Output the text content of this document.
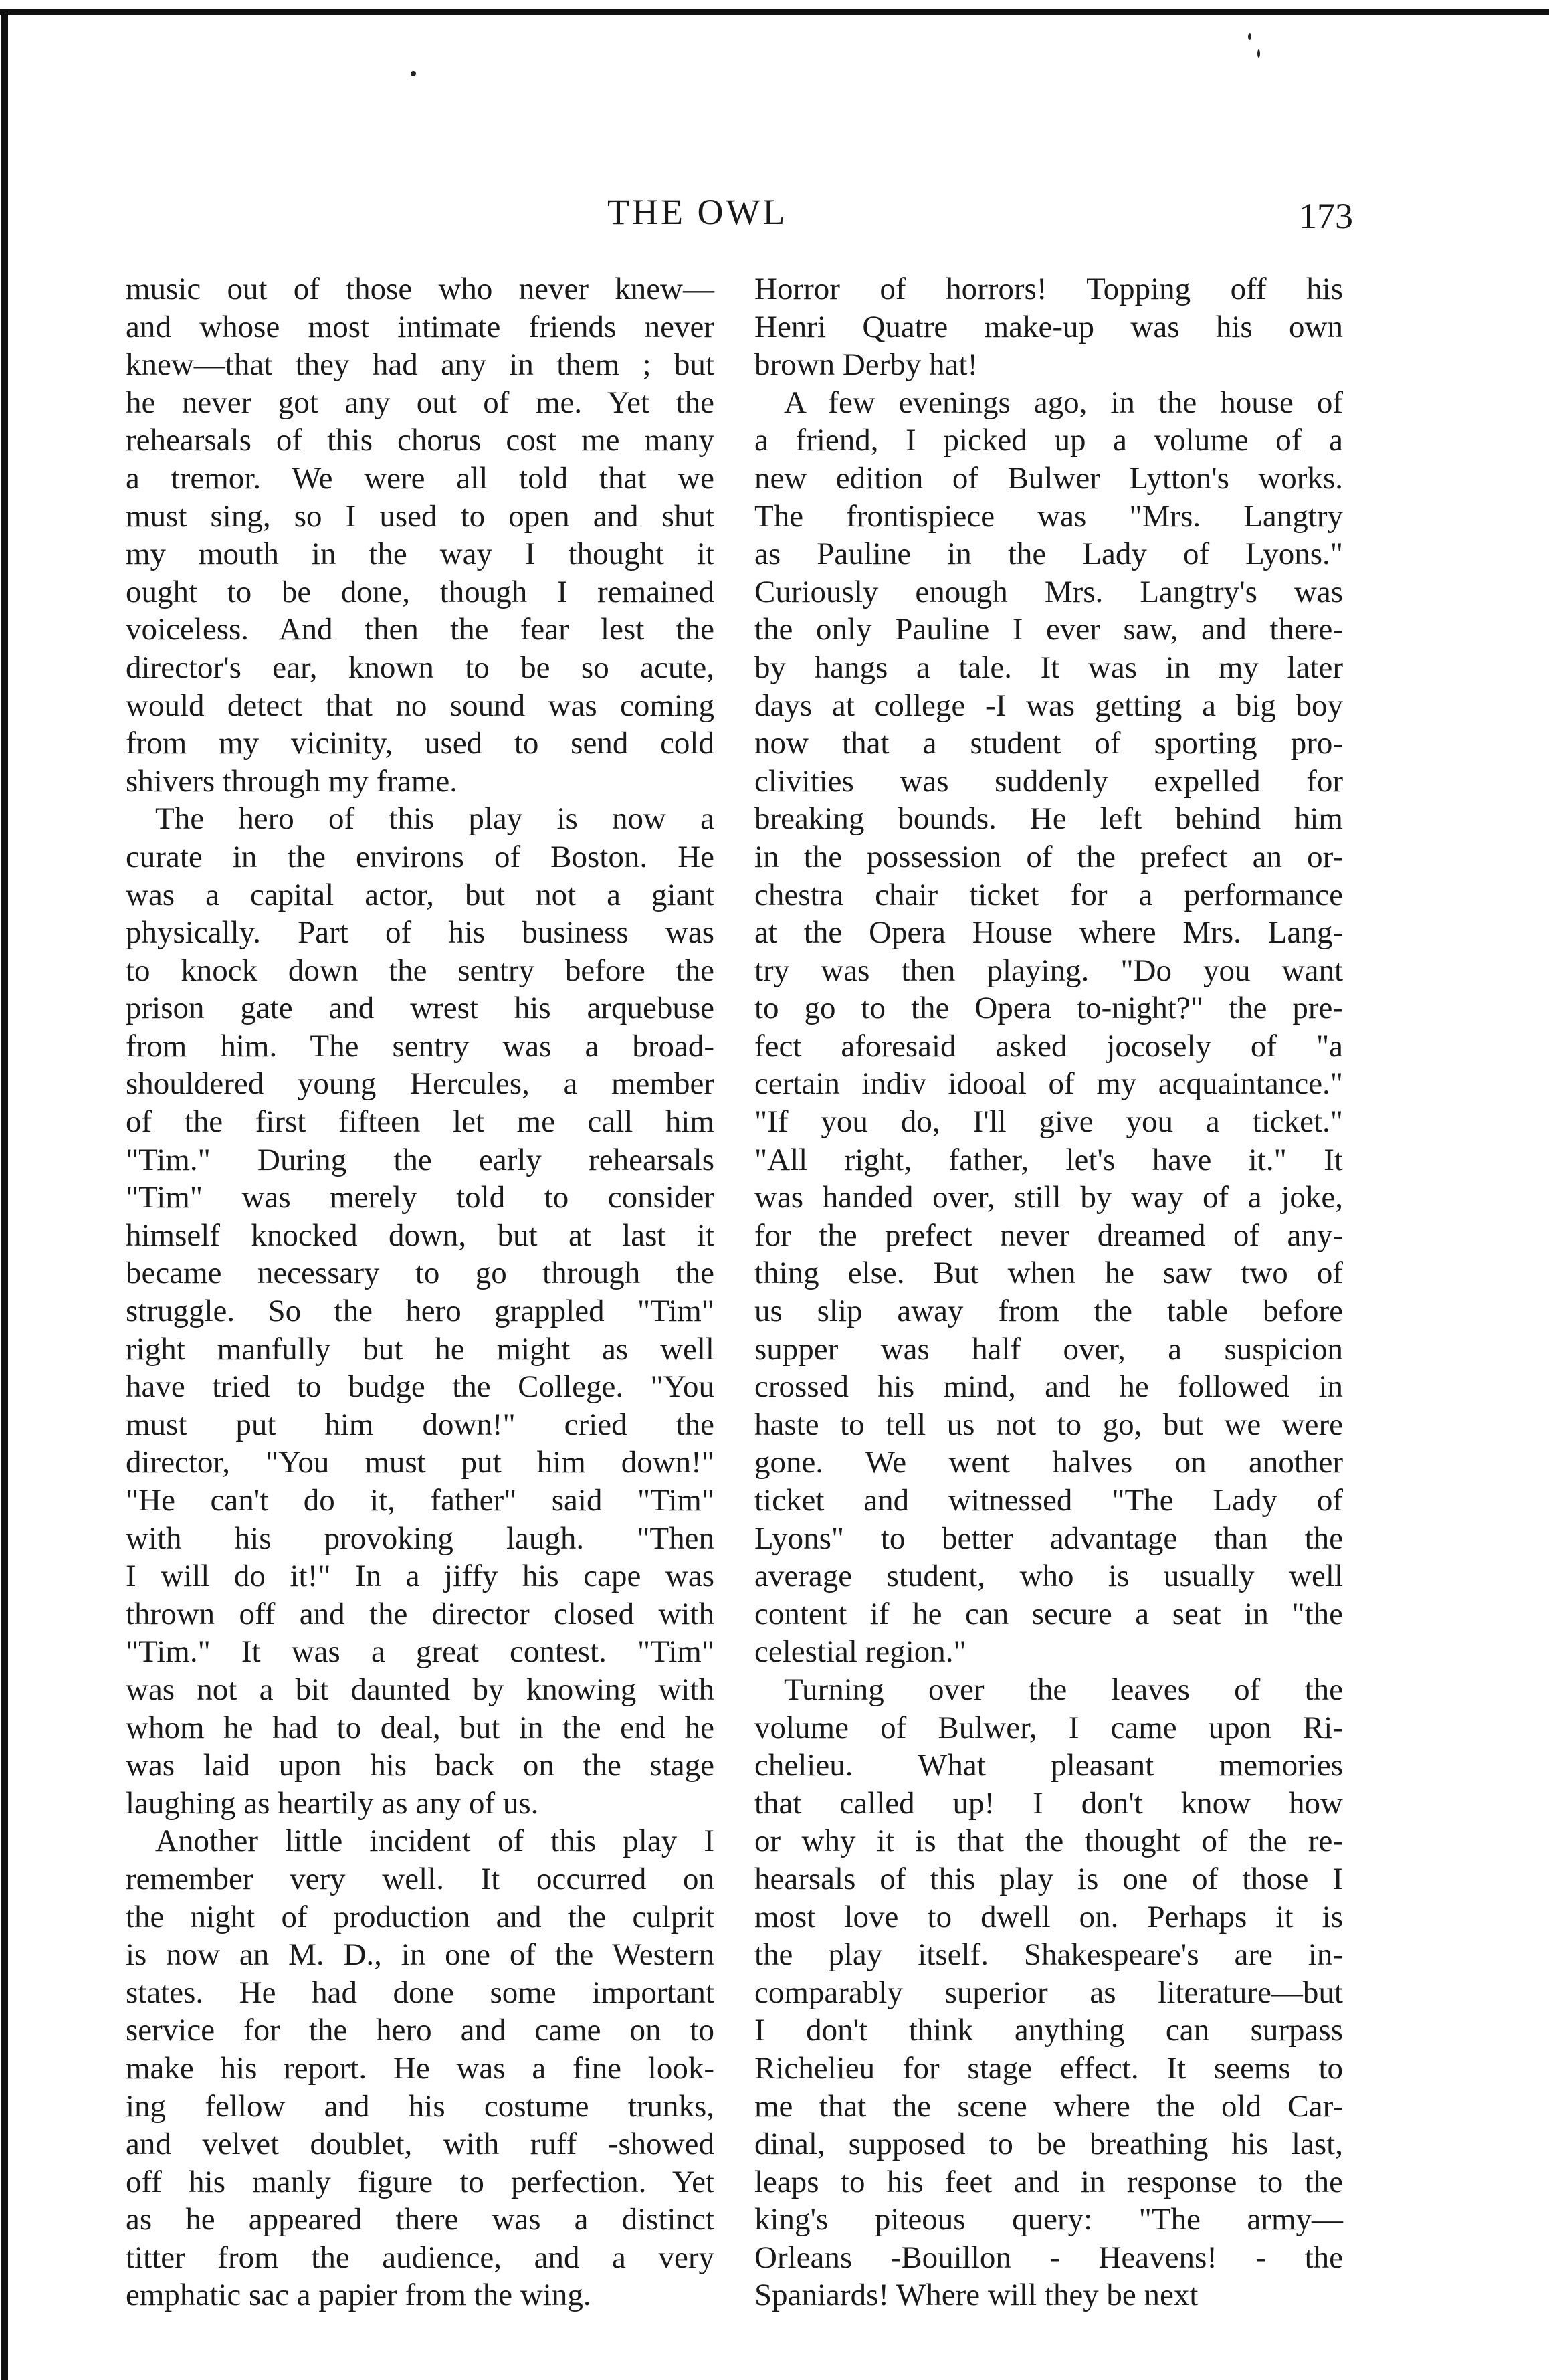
THE OWL	173
music out of those who never knew—
and whose most intimate friends never
knew—that they had any in them ; but
he never got any out of me. Yet the
rehearsals of this chorus cost me many
a tremor. We were all told that we
must sing, so I used to open and shut
my mouth in the way I thought it
ought to be done, though I remained
voiceless. And then the fear lest the
director's ear, known to be so acute,
would detect that no sound was coming
from my vicinity, used to send cold
shivers through my frame.
The hero of this play is now a
curate in the environs of Boston. He
was a capital actor, but not a giant
physically. Part of his business was
to knock down the sentry before the
prison gate and wrest his arquebuse
from him. The sentry was a broad-
shouldered young Hercules, a member
of the first fifteen let me call him
"Tim." During the early rehearsals
"Tim" was merely told to consider
himself knocked down, but at last it
became necessary to go through the
struggle. So the hero grappled "Tim"
right manfully but he might as well
have tried to budge the College. "You
must put him down!" cried the
director, "You must put him down!"
"He can't do it, father" said "Tim"
with his provoking laugh. "Then
I will do it!" In a jiffy his cape was
thrown off and the director closed with
"Tim." It was a great contest. "Tim"
was not a bit daunted by knowing with
whom he had to deal, but in the end he
was laid upon his back on the stage
laughing as heartily as any of us.
Another little incident of this play I
remember very well. It occurred on
the night of production and the culprit
is now an M. D., in one of the Western
states. He had done some important
service for the hero and came on to
make his report. He was a fine look-
ing fellow and his costume trunks,
and velvet doublet, with ruff -showed
off his manly figure to perfection. Yet
as he appeared there was a distinct
titter from the audience, and a very
emphatic sac a papier from the wing.
Horror of horrors! Topping off his
Henri Quatre make-up was his own
brown Derby hat!
A few evenings ago, in the house of
a friend, I picked up a volume of a
new edition of Bulwer Lytton's works.
The frontispiece was "Mrs. Langtry
as Pauline in the Lady of Lyons."
Curiously enough Mrs. Langtry's was
the only Pauline I ever saw, and there-
by hangs a tale. It was in my later
days at college -I was getting a big boy
now that a student of sporting pro-
clivities was suddenly expelled for
breaking bounds. He left behind him
in the possession of the prefect an or-
chestra chair ticket for a performance
at the Opera House where Mrs. Lang-
try was then playing. "Do you want
to go to the Opera to-night?" the pre-
fect aforesaid asked jocosely of "a
certain indiv idooal of my acquaintance."
"If you do, I'll give you a ticket."
"All right, father, let's have it." It
was handed over, still by way of a joke,
for the prefect never dreamed of any-
thing else. But when he saw two of
us slip away from the table before
supper was half over, a suspicion
crossed his mind, and he followed in
haste to tell us not to go, but we were
gone. We went halves on another
ticket and witnessed "The Lady of
Lyons" to better advantage than the
average student, who is usually well
content if he can secure a seat in "the
celestial region."
Turning over the leaves of the
volume of Bulwer, I came upon Ri-
chelieu. What pleasant memories
that called up! I don't know how
or why it is that the thought of the re-
hearsals of this play is one of those I
most love to dwell on. Perhaps it is
the play itself. Shakespeare's are in-
comparably superior as literature—but
I don't think anything can surpass
Richelieu for stage effect. It seems to
me that the scene where the old Car-
dinal, supposed to be breathing his last,
leaps to his feet and in response to the
king's piteous query: "The army—
Orleans -Bouillon - Heavens! - the
Spaniards! Where will they be next
